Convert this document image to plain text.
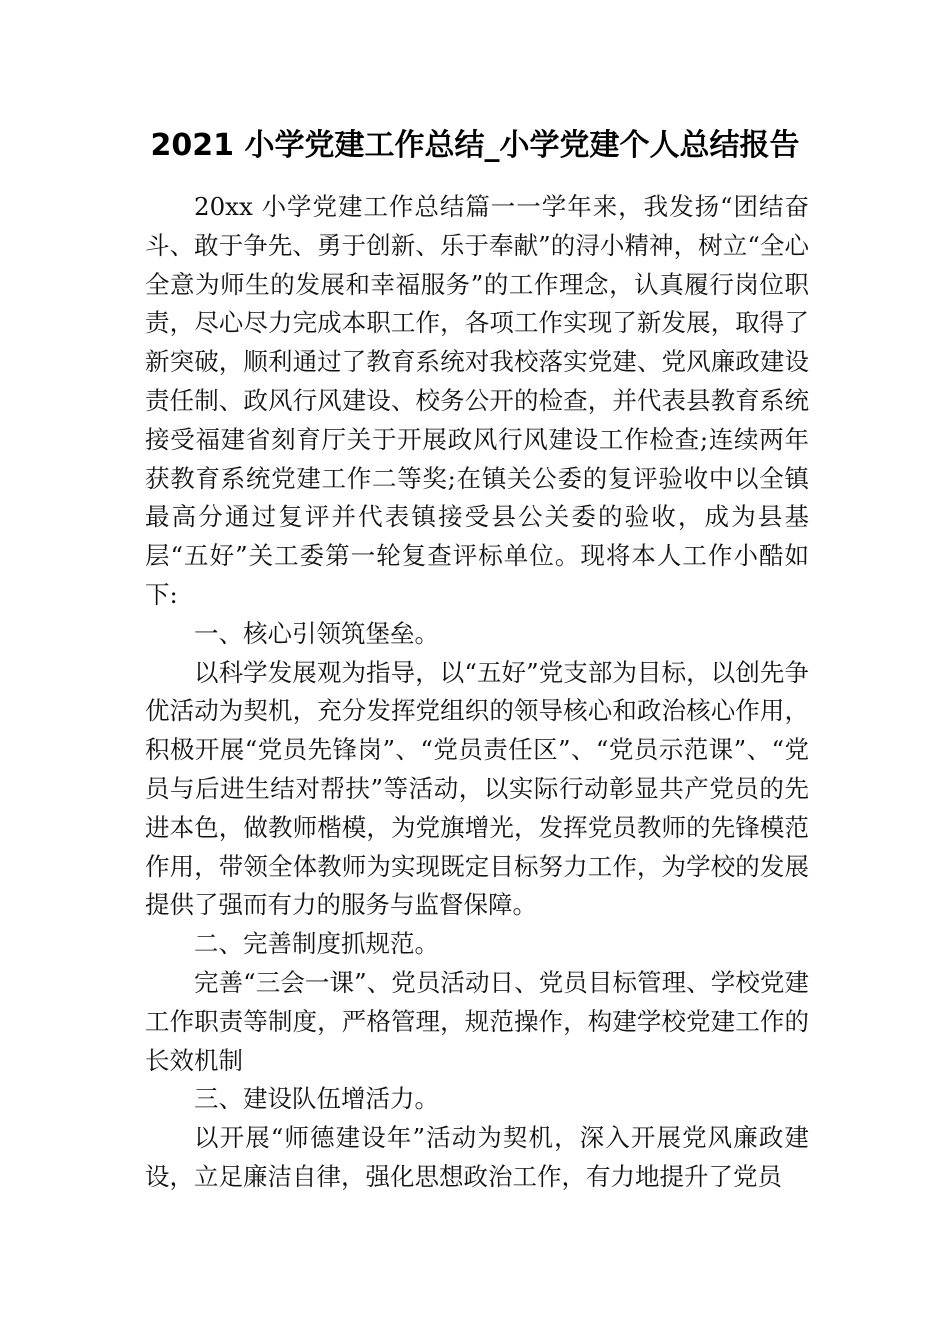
2021 小学党建工作总结_小学党建个人总结报告

20xx 小学党建工作总结篇一一学年来，我发扬“团结奋斗、敢于争先、勇于创新、乐于奉献”的浔小精神，树立“全心全意为师生的发展和幸福服务”的工作理念，认真履行岗位职责，尽心尽力完成本职工作，各项工作实现了新发展，取得了新突破，顺利通过了教育系统对我校落实党建、党风廉政建设责任制、政风行风建设、校务公开的检查，并代表县教育系统接受福建省刻育厅关于开展政风行风建设工作检查;连续两年获教育系统党建工作二等奖;在镇关公委的复评验收中以全镇最高分通过复评并代表镇接受县公关委的验收，成为县基层“五好”关工委第一轮复查评标单位。现将本人工作小酷如下:

一、核心引领筑堡垒。

以科学发展观为指导，以“五好”党支部为目标，以创先争优活动为契机，充分发挥党组织的领导核心和政治核心作用，积极开展“党员先锋岗”、“党员责任区”、“党员示范课”、“党员与后进生结对帮扶”等活动，以实际行动彰显共产党员的先进本色，做教师楷模，为党旗增光，发挥党员教师的先锋模范作用，带领全体教师为实现既定目标努力工作，为学校的发展提供了强而有力的服务与监督保障。

二、完善制度抓规范。

完善“三会一课”、党员活动日、党员目标管理、学校党建工作职责等制度，严格管理，规范操作，构建学校党建工作的长效机制

三、建设队伍增活力。

以开展“师德建设年”活动为契机，深入开展党风廉政建设，立足廉洁自律，强化思想政治工作，有力地提升了党员
